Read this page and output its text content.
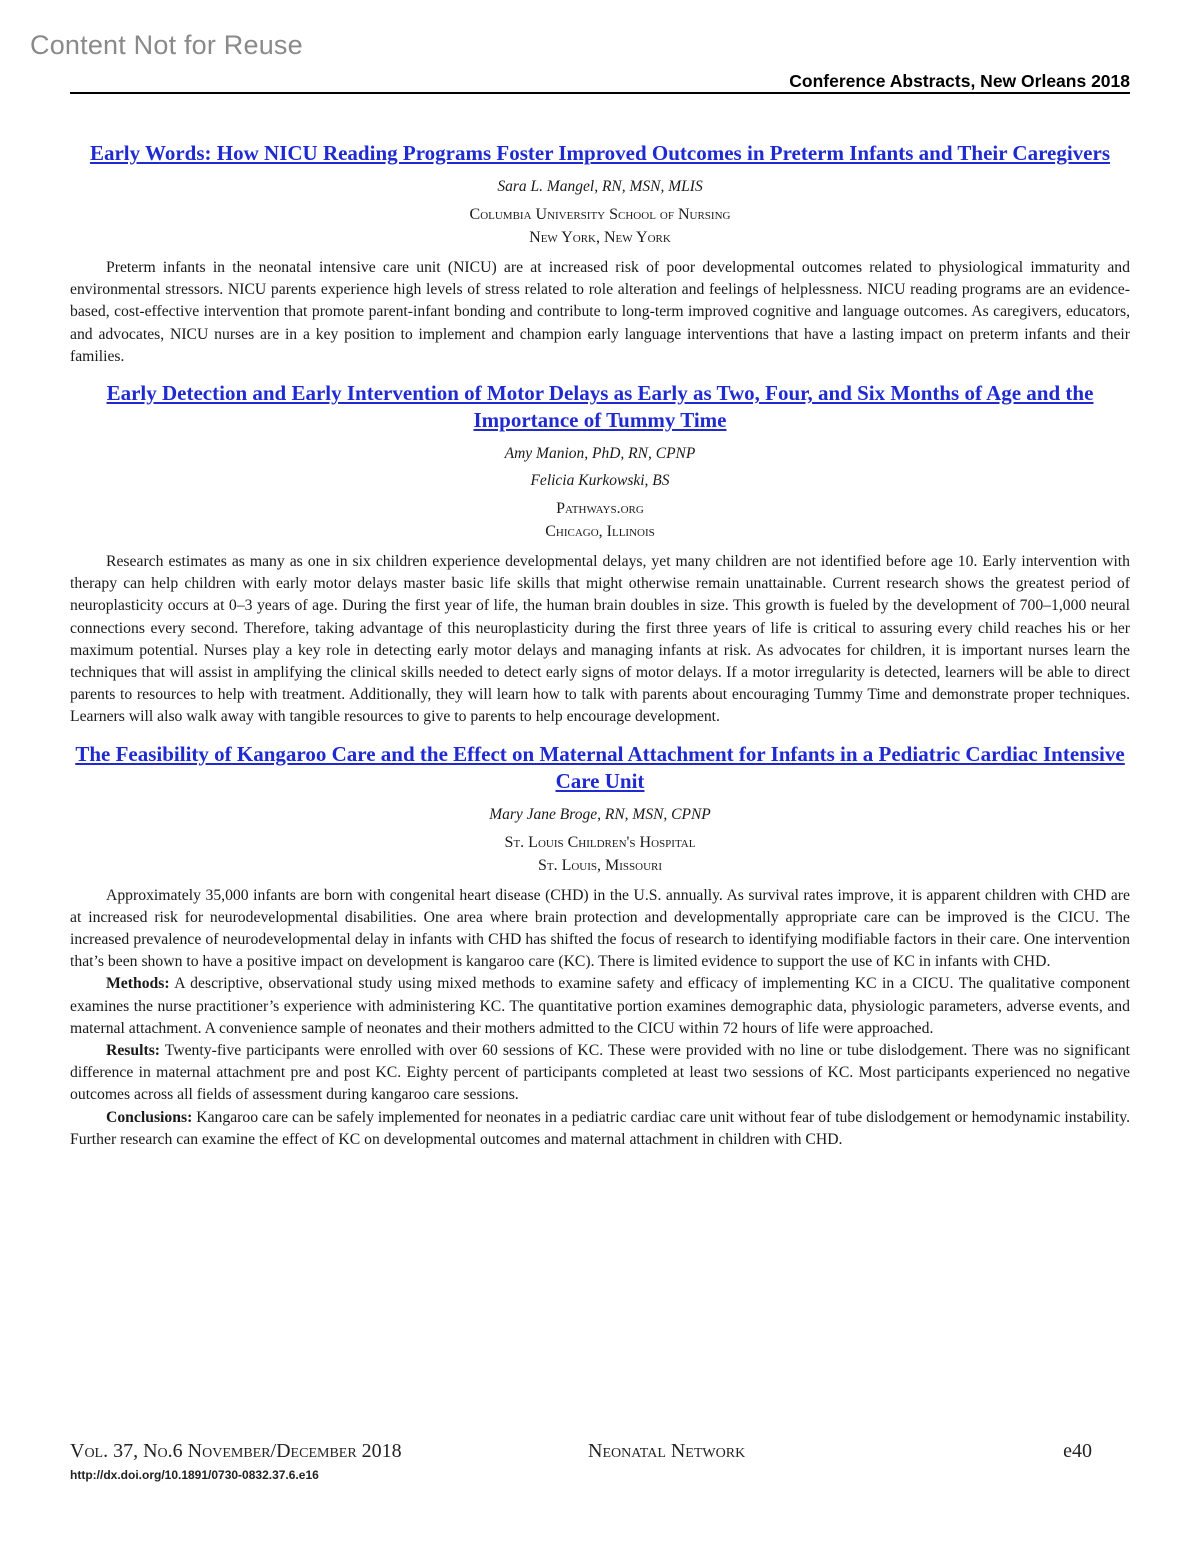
Content Not for Reuse
Conference Abstracts, New Orleans 2018
Early Words: How NICU Reading Programs Foster Improved Outcomes in Preterm Infants and Their Caregivers
Sara L. Mangel, RN, MSN, MLIS
Columbia University School of Nursing
New York, New York

Preterm infants in the neonatal intensive care unit (NICU) are at increased risk of poor developmental outcomes related to physiological immaturity and environmental stressors. NICU parents experience high levels of stress related to role alteration and feelings of helplessness. NICU reading programs are an evidence-based, cost-effective intervention that promote parent-infant bonding and contribute to long-term improved cognitive and language outcomes. As caregivers, educators, and advocates, NICU nurses are in a key position to implement and champion early language interventions that have a lasting impact on preterm infants and their families.

Early Detection and Early Intervention of Motor Delays as Early as Two, Four, and Six Months of Age and the Importance of Tummy Time
Amy Manion, PhD, RN, CPNP
Felicia Kurkowski, BS
Pathways.org
Chicago, Illinois

Research estimates as many as one in six children experience developmental delays, yet many children are not identified before age 10. Early intervention with therapy can help children with early motor delays master basic life skills that might otherwise remain unattainable. Current research shows the greatest period of neuroplasticity occurs at 0–3 years of age. During the first year of life, the human brain doubles in size. This growth is fueled by the development of 700–1,000 neural connections every second. Therefore, taking advantage of this neuroplasticity during the first three years of life is critical to assuring every child reaches his or her maximum potential. Nurses play a key role in detecting early motor delays and managing infants at risk. As advocates for children, it is important nurses learn the techniques that will assist in amplifying the clinical skills needed to detect early signs of motor delays. If a motor irregularity is detected, learners will be able to direct parents to resources to help with treatment. Additionally, they will learn how to talk with parents about encouraging Tummy Time and demonstrate proper techniques. Learners will also walk away with tangible resources to give to parents to help encourage development.

The Feasibility of Kangaroo Care and the Effect on Maternal Attachment for Infants in a Pediatric Cardiac Intensive Care Unit
Mary Jane Broge, RN, MSN, CPNP
St. Louis Children's Hospital
St. Louis, Missouri

Approximately 35,000 infants are born with congenital heart disease (CHD) in the U.S. annually. As survival rates improve, it is apparent children with CHD are at increased risk for neurodevelopmental disabilities. One area where brain protection and developmentally appropriate care can be improved is the CICU. The increased prevalence of neurodevelopmental delay in infants with CHD has shifted the focus of research to identifying modifiable factors in their care. One intervention that’s been shown to have a positive impact on development is kangaroo care (KC). There is limited evidence to support the use of KC in infants with CHD.

Methods: A descriptive, observational study using mixed methods to examine safety and efficacy of implementing KC in a CICU. The qualitative component examines the nurse practitioner’s experience with administering KC. The quantitative portion examines demographic data, physiologic parameters, adverse events, and maternal attachment. A convenience sample of neonates and their mothers admitted to the CICU within 72 hours of life were approached.

Results: Twenty-five participants were enrolled with over 60 sessions of KC. These were provided with no line or tube dislodgement. There was no significant difference in maternal attachment pre and post KC. Eighty percent of participants completed at least two sessions of KC. Most participants experienced no negative outcomes across all fields of assessment during kangaroo care sessions.

Conclusions: Kangaroo care can be safely implemented for neonates in a pediatric cardiac care unit without fear of tube dislodgement or hemodynamic instability. Further research can examine the effect of KC on developmental outcomes and maternal attachment in children with CHD.

Vol. 37, No.6 November/December 2018	Neonatal Network	e40
http://dx.doi.org/10.1891/0730-0832.37.6.e16
